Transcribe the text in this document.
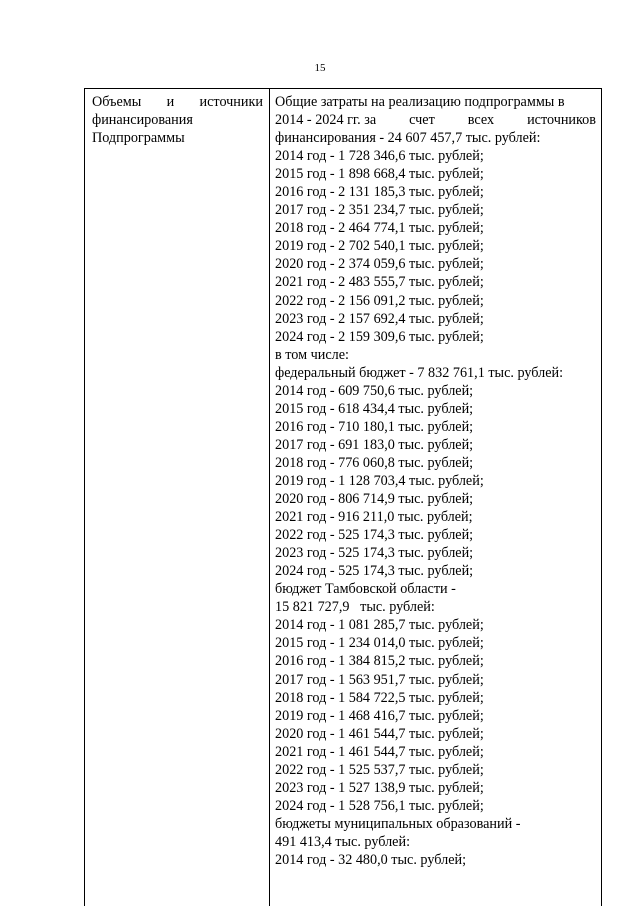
15
Объемы и источники
финансирования
Подпрограммы
Общие затраты на реализацию подпрограммы в
2014 - 2024 гг. за счет всех источников
финансирования - 24 607 457,7 тыс. рублей:
2014 год - 1 728 346,6 тыс. рублей;
2015 год - 1 898 668,4 тыс. рублей;
2016 год - 2 131 185,3 тыс. рублей;
2017 год - 2 351 234,7 тыс. рублей;
2018 год - 2 464 774,1 тыс. рублей;
2019 год - 2 702 540,1 тыс. рублей;
2020 год - 2 374 059,6 тыс. рублей;
2021 год - 2 483 555,7 тыс. рублей;
2022 год - 2 156 091,2 тыс. рублей;
2023 год - 2 157 692,4 тыс. рублей;
2024 год - 2 159 309,6 тыс. рублей;
в том числе:
федеральный бюджет - 7 832 761,1 тыс. рублей:
2014 год - 609 750,6 тыс. рублей;
2015 год - 618 434,4 тыс. рублей;
2016 год - 710 180,1 тыс. рублей;
2017 год - 691 183,0 тыс. рублей;
2018 год - 776 060,8 тыс. рублей;
2019 год - 1 128 703,4 тыс. рублей;
2020 год - 806 714,9 тыс. рублей;
2021 год - 916 211,0 тыс. рублей;
2022 год - 525 174,3 тыс. рублей;
2023 год - 525 174,3 тыс. рублей;
2024 год - 525 174,3 тыс. рублей;
бюджет Тамбовской области -
15 821 727,9   тыс. рублей:
2014 год - 1 081 285,7 тыс. рублей;
2015 год - 1 234 014,0 тыс. рублей;
2016 год - 1 384 815,2 тыс. рублей;
2017 год - 1 563 951,7 тыс. рублей;
2018 год - 1 584 722,5 тыс. рублей;
2019 год - 1 468 416,7 тыс. рублей;
2020 год - 1 461 544,7 тыс. рублей;
2021 год - 1 461 544,7 тыс. рублей;
2022 год - 1 525 537,7 тыс. рублей;
2023 год - 1 527 138,9 тыс. рублей;
2024 год - 1 528 756,1 тыс. рублей;
бюджеты муниципальных образований -
491 413,4 тыс. рублей:
2014 год - 32 480,0 тыс. рублей;
